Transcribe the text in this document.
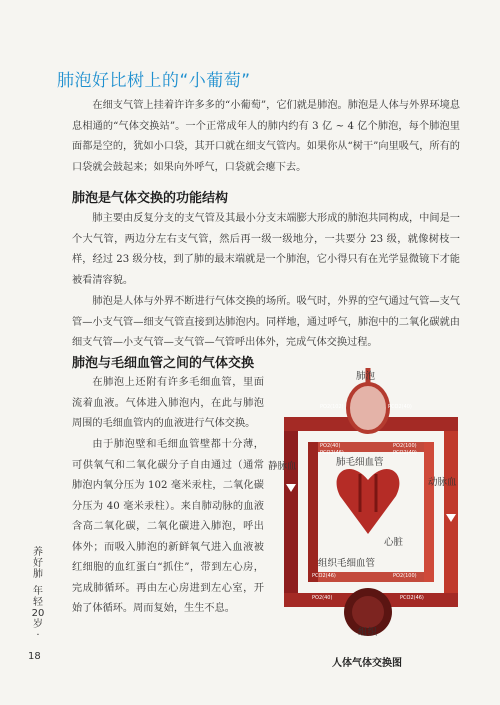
肺泡好比树上的“小葡萄”

在细支气管上挂着许许多多的“小葡萄”，它们就是肺泡。肺泡是人体与外界环境息息相通的“气体交换站”。一个正常成年人的肺内约有 3 亿 ~ 4 亿个肺泡，每个肺泡里面都是空的，犹如小口袋，其开口就在细支气管内。如果你从“树干”向里吸气，所有的口袋就会鼓起来；如果向外呼气，口袋就会瘪下去。

肺泡是气体交换的功能结构

肺主要由反复分支的支气管及其最小分支末端膨大形成的肺泡共同构成，中间是一个大气管，两边分左右支气管，然后再一级一级地分，一共要分 23 级，就像树枝一样，经过 23 级分枝，到了肺的最末端就是一个肺泡，它小得只有在光学显微镜下才能被看清容貌。

肺泡是人体与外界不断进行气体交换的场所。吸气时，外界的空气通过气管—支气管—小支气管—细支气管直接到达肺泡内。同样地，通过呼气，肺泡中的二氧化碳就由细支气管—小支气管—支气管—气管呼出体外，完成气体交换过程。

肺泡与毛细血管之间的气体交换

在肺泡上还附有许多毛细血管，里面流着血液。气体进入肺泡内，在此与肺泡周围的毛细血管内的血液进行气体交换。

由于肺泡壁和毛细血管壁都十分薄，可供氧气和二氧化碳分子自由通过（通常肺泡内氧分压为 102 毫米汞柱，二氧化碳分压为 40 毫米汞柱）。来自肺动脉的血液含高二氧化碳，二氧化碳进入肺泡，呼出体外；而吸入肺泡的新鲜氧气进入血液被红细胞的血红蛋白“抓住”，带到左心房，完成肺循环。再由左心房进到左心室，开始了体循环。周而复始，生生不息。

肺泡
肺毛细血管
静脉血
动脉血
心脏
组织毛细血管
组织
PO2(102)	PCO2(40)
PO2(40)
PCO2(46)
PO2(100)
PCO2(40)
PCO2(46)	PO2(100)
PO2(40)	PCO2(46)
人体气体交换图
养
好
肺
年
轻
20
岁
·
18
